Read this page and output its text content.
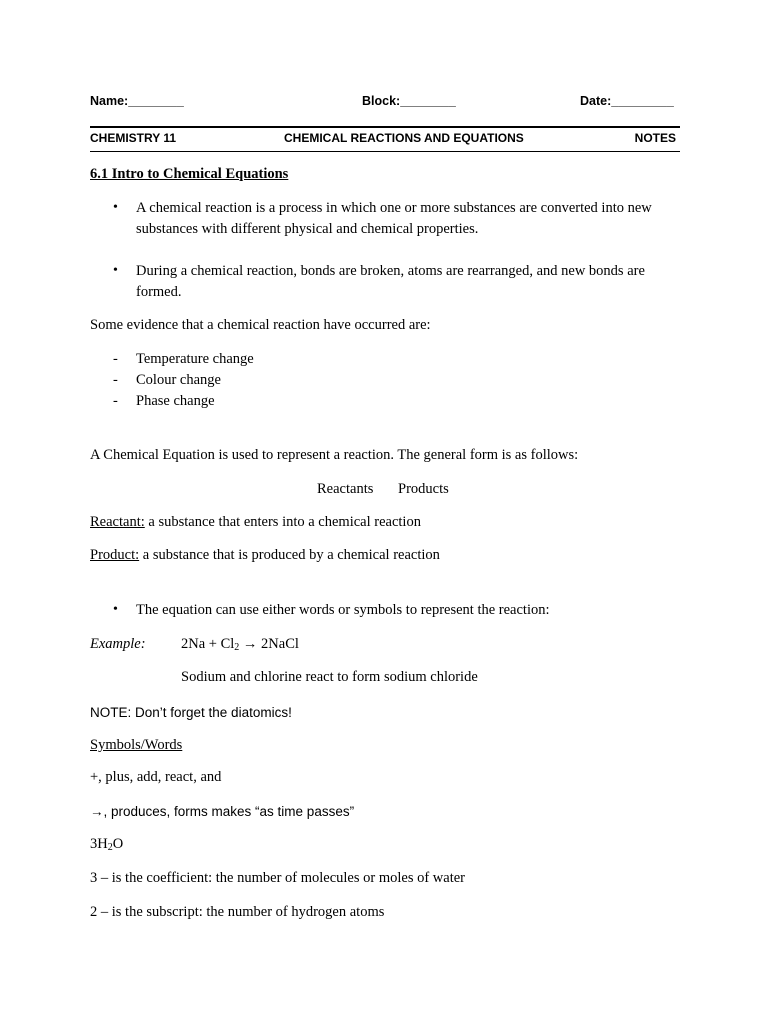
Name:________	Block:________	Date:_________
CHEMISTRY 11	CHEMICAL REACTIONS AND EQUATIONS	NOTES
6.1 Intro to Chemical Equations
• A chemical reaction is a process in which one or more substances are converted into new
substances with different physical and chemical properties.
• During a chemical reaction, bonds are broken, atoms are rearranged, and new bonds are
formed.
Some evidence that a chemical reaction have occurred are:
- Temperature change
- Colour change
- Phase change
A Chemical Equation is used to represent a reaction. The general form is as follows:
Reactants Products
Reactant: a substance that enters into a chemical reaction
Product: a substance that is produced by a chemical reaction
• The equation can use either words or symbols to represent the reaction:
Example: $2Na + Cl_2$ → 2NaCl
Sodium and chlorine react to form sodium chloride
NOTE: Don’t forget the diatomics!
Symbols/Words
+, plus, add, react, and
→, produces, forms makes “as time passes”
$3H_2O$
3 – is the coefficient: the number of molecules or moles of water
2 – is the subscript: the number of hydrogen atoms
